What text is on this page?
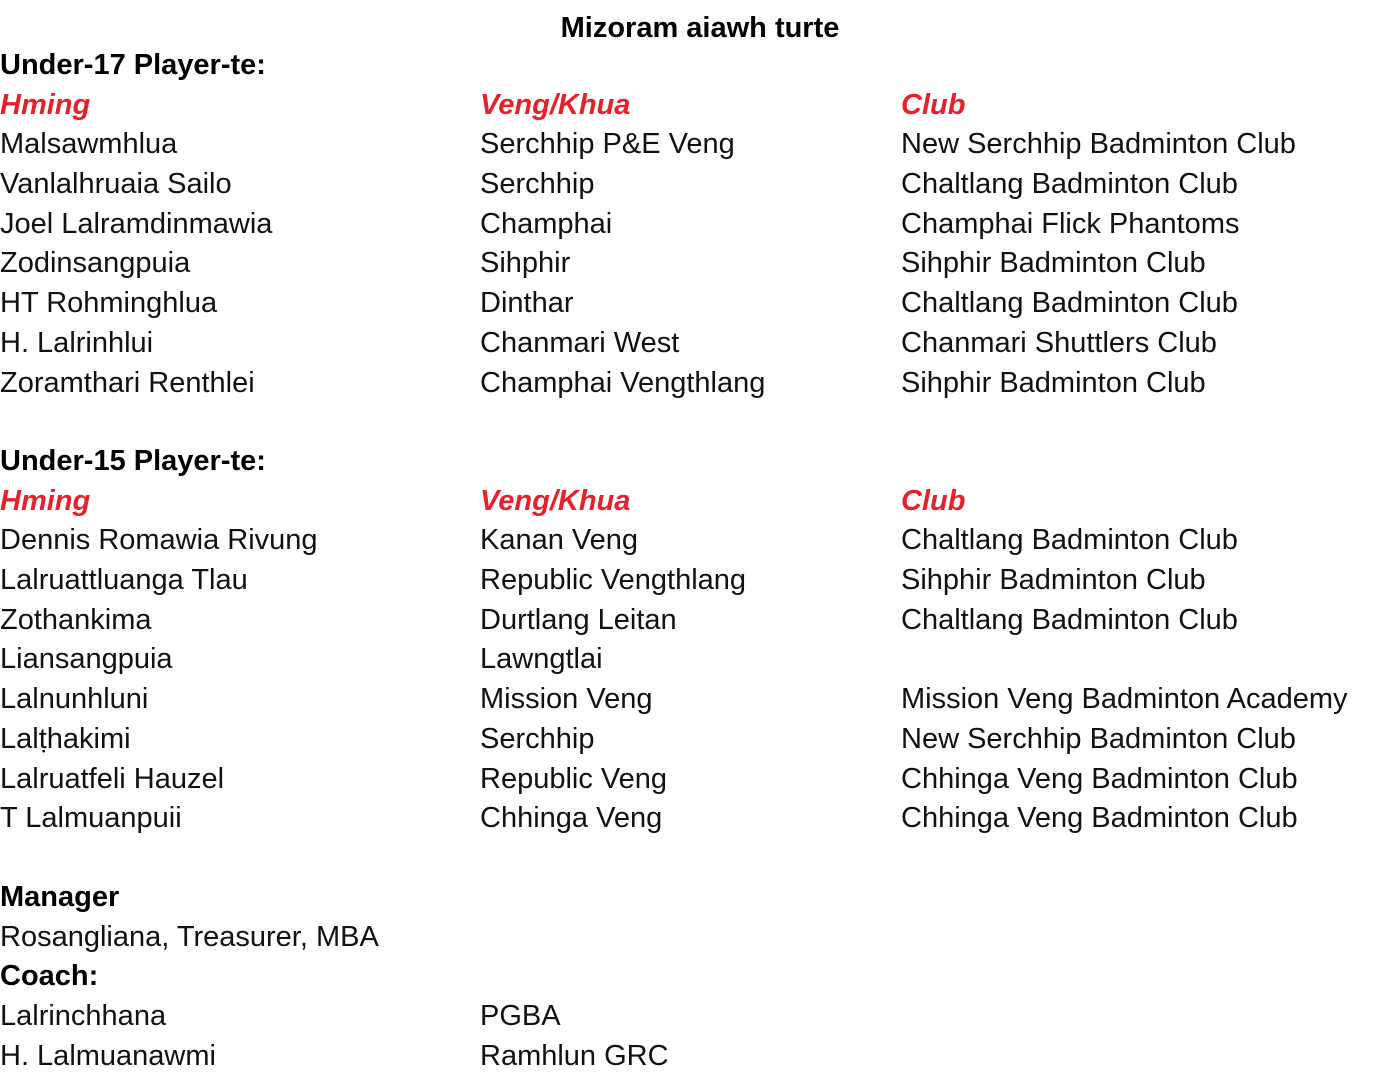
Mizoram aiawh turte
Under-17 Player-te:
Hming	Veng/Khua	Club
Malsawmhlua	Serchhip P&E Veng	New Serchhip Badminton Club
Vanlalhruaia Sailo	Serchhip	Chaltlang Badminton Club
Joel Lalramdinmawia	Champhai	Champhai Flick Phantoms
Zodinsangpuia	Sihphir	Sihphir Badminton Club
HT Rohminghlua	Dinthar	Chaltlang Badminton Club
H. Lalrinhlui	Chanmari West	Chanmari Shuttlers Club
Zoramthari Renthlei	Champhai Vengthlang	Sihphir Badminton Club
Under-15 Player-te:
Hming	Veng/Khua	Club
Dennis Romawia Rivung	Kanan Veng	Chaltlang Badminton Club
Lalruattluanga Tlau	Republic Vengthlang	Sihphir Badminton Club
Zothankima	Durtlang Leitan	Chaltlang Badminton Club
Liansangpuia	Lawngtlai
Lalnunhluni	Mission Veng	Mission Veng Badminton Academy
Lalṭhakimi	Serchhip	New Serchhip Badminton Club
Lalruatfeli Hauzel	Republic Veng	Chhinga Veng Badminton Club
T Lalmuanpuii	Chhinga Veng	Chhinga Veng Badminton Club
Manager
Rosangliana, Treasurer, MBA
Coach:
Lalrinchhana	PGBA
H. Lalmuanawmi	Ramhlun GRC
